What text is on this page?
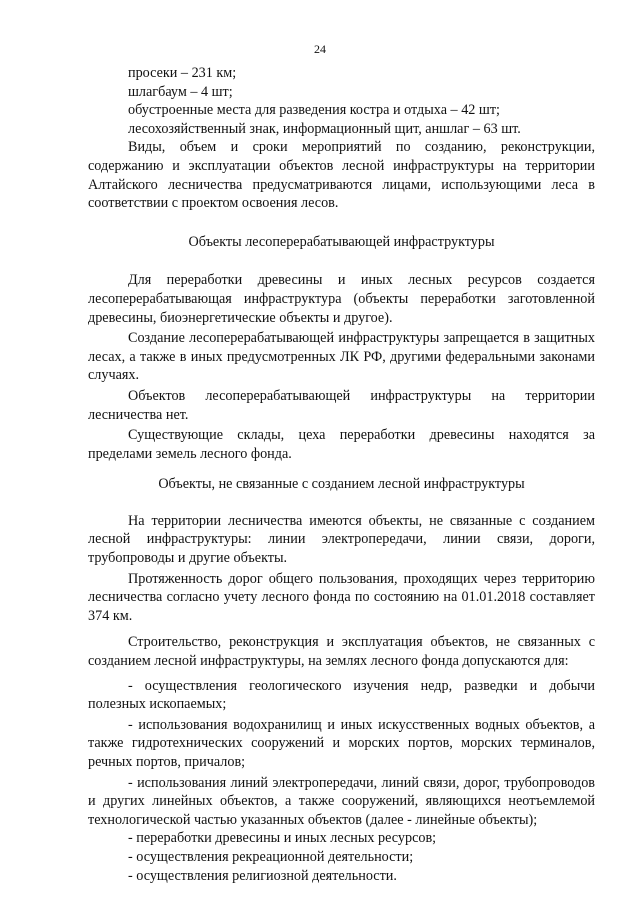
24

просеки – 231 км;

шлагбаум – 4 шт;

обустроенные места для разведения костра и отдыха – 42 шт;

лесохозяйственный знак, информационный щит, аншлаг – 63 шт.

Виды, объем и сроки мероприятий по созданию, реконструкции, содержанию и эксплуатации объектов лесной инфраструктуры на территории Алтайского лесничества предусматриваются лицами, использующими леса в соответствии с проектом освоения лесов.

Объекты лесоперерабатывающей инфраструктуры

Для переработки древесины и иных лесных ресурсов создается лесоперерабатывающая инфраструктура (объекты переработки заготовленной древесины, биоэнергетические объекты и другое).

Создание лесоперерабатывающей инфраструктуры запрещается в защитных лесах, а также в иных предусмотренных ЛК РФ, другими федеральными законами случаях.

Объектов лесоперерабатывающей инфраструктуры на территории лесничества нет.

Существующие склады, цеха переработки древесины находятся за пределами земель лесного фонда.

Объекты, не связанные с созданием лесной инфраструктуры

На территории лесничества имеются объекты, не связанные с созданием лесной инфраструктуры: линии электропередачи, линии связи, дороги, трубопроводы и другие объекты.

Протяженность дорог общего пользования, проходящих через территорию лесничества согласно учету лесного фонда по состоянию на 01.01.2018 составляет 374 км.

Строительство, реконструкция и эксплуатация объектов, не связанных с созданием лесной инфраструктуры, на землях лесного фонда допускаются для:

- осуществления геологического изучения недр, разведки и добычи полезных ископаемых;

- использования водохранилищ и иных искусственных водных объектов, а также гидротехнических сооружений и морских портов, морских терминалов, речных портов, причалов;

- использования линий электропередачи, линий связи, дорог, трубопроводов и других линейных объектов, а также сооружений, являющихся неотъемлемой технологической частью указанных объектов (далее - линейные объекты);

- переработки древесины и иных лесных ресурсов;

- осуществления рекреационной деятельности;

- осуществления религиозной деятельности.
